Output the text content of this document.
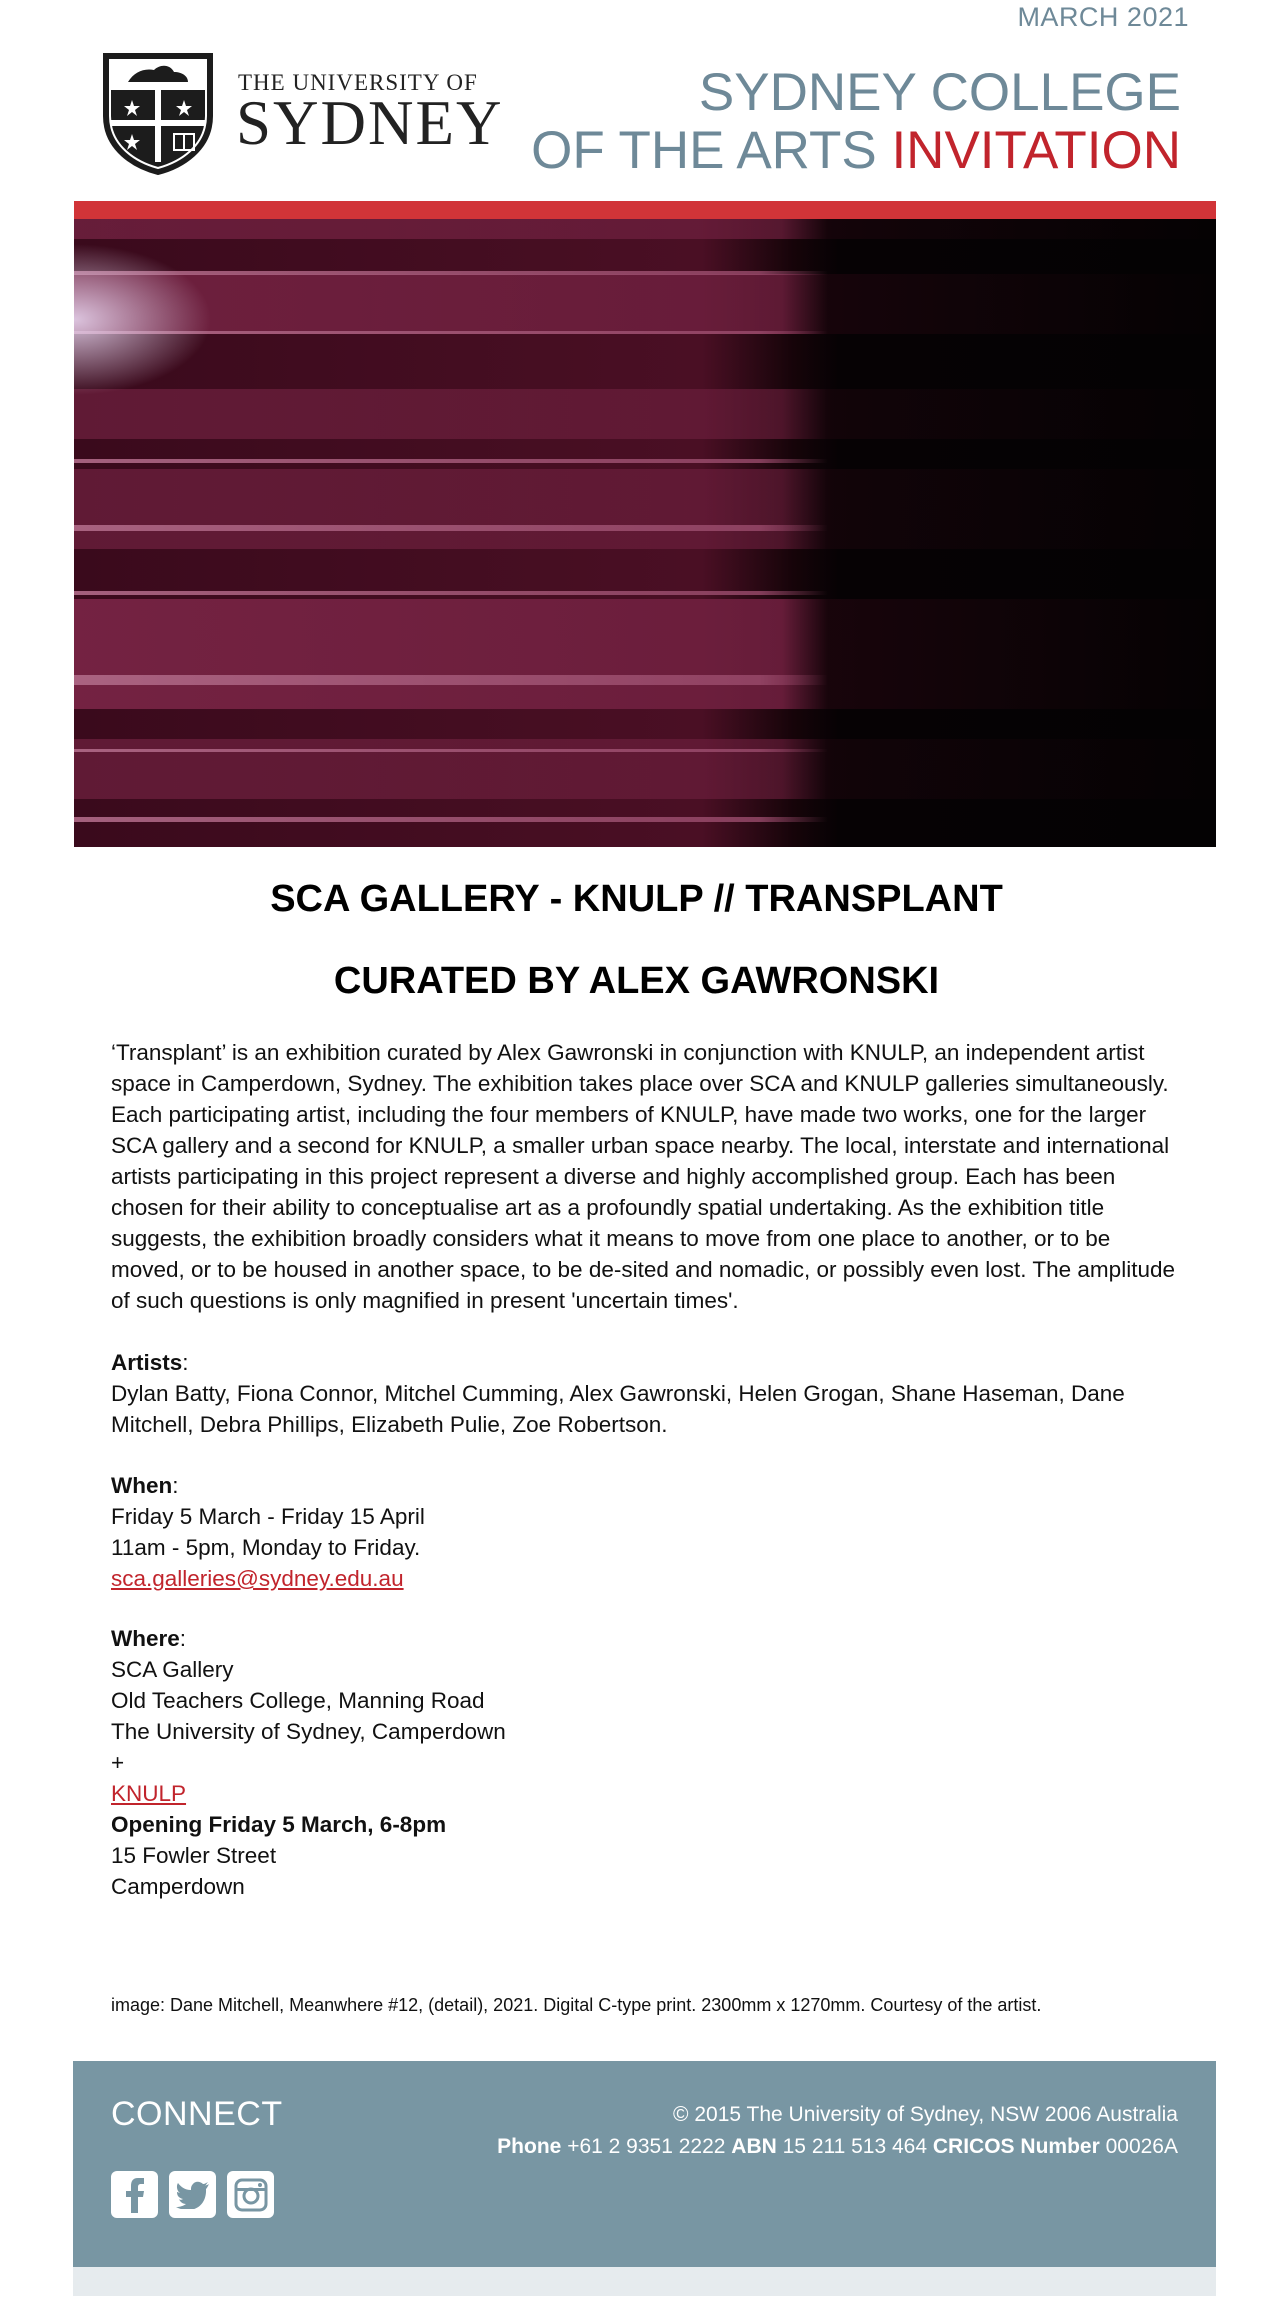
MARCH 2021
THE UNIVERSITY OF
SYDNEY	SYDNEY COLLEGE
OF THE ARTS INVITATION
SCA GALLERY - KNULP // TRANSPLANT
CURATED BY ALEX GAWRONSKI
‘Transplant’ is an exhibition curated by Alex Gawronski in conjunction with KNULP, an independent artist space in Camperdown, Sydney. The exhibition takes place over SCA and KNULP galleries simultaneously. Each participating artist, including the four members of KNULP, have made two works, one for the larger SCA gallery and a second for KNULP, a smaller urban space nearby. The local, interstate and international artists participating in this project represent a diverse and highly accomplished group. Each has been chosen for their ability to conceptualise art as a profoundly spatial undertaking. As the exhibition title suggests, the exhibition broadly considers what it means to move from one place to another, or to be moved, or to be housed in another space, to be de-sited and nomadic, or possibly even lost. The amplitude of such questions is only magnified in present 'uncertain times'.
Artists:
Dylan Batty, Fiona Connor, Mitchel Cumming, Alex Gawronski, Helen Grogan, Shane Haseman, Dane Mitchell, Debra Phillips, Elizabeth Pulie, Zoe Robertson.
When:
Friday 5 March - Friday 15 April
11am - 5pm, Monday to Friday.
sca.galleries@sydney.edu.au
Where:
SCA Gallery
Old Teachers College, Manning Road
The University of Sydney, Camperdown
+
KNULP
Opening Friday 5 March, 6-8pm
15 Fowler Street
Camperdown
image: Dane Mitchell, Meanwhere #12, (detail), 2021. Digital C-type print. 2300mm x 1270mm. Courtesy of the artist.
CONNECT	© 2015 The University of Sydney, NSW 2006 Australia
Phone +61 2 9351 2222 ABN 15 211 513 464 CRICOS Number 00026A
